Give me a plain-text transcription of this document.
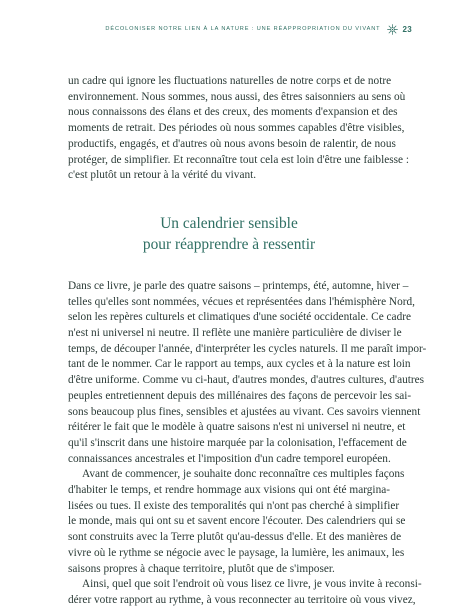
DÉCOLONISER NOTRE LIEN À LA NATURE : UNE RÉAPPROPRIATION DU VIVANT	23

un cadre qui ignore les fluctuations naturelles de notre corps et de notre
environnement. Nous sommes, nous aussi, des êtres saisonniers au sens où
nous connaissons des élans et des creux, des moments d'expansion et des
moments de retrait. Des périodes où nous sommes capables d'être visibles,
productifs, engagés, et d'autres où nous avons besoin de ralentir, de nous
protéger, de simplifier. Et reconnaître tout cela est loin d'être une faiblesse :
c'est plutôt un retour à la vérité du vivant.

Un calendrier sensible
pour réapprendre à ressentir

Dans ce livre, je parle des quatre saisons – printemps, été, automne, hiver –
telles qu'elles sont nommées, vécues et représentées dans l'hémisphère Nord,
selon les repères culturels et climatiques d'une société occidentale. Ce cadre
n'est ni universel ni neutre. Il reflète une manière particulière de diviser le
temps, de découper l'année, d'interpréter les cycles naturels. Il me paraît impor-
tant de le nommer. Car le rapport au temps, aux cycles et à la nature est loin
d'être uniforme. Comme vu ci-haut, d'autres mondes, d'autres cultures, d'autres
peuples entretiennent depuis des millénaires des façons de percevoir les sai-
sons beaucoup plus fines, sensibles et ajustées au vivant. Ces savoirs viennent
réitérer le fait que le modèle à quatre saisons n'est ni universel ni neutre, et
qu'il s'inscrit dans une histoire marquée par la colonisation, l'effacement de
connaissances ancestrales et l'imposition d'un cadre temporel européen.

Avant de commencer, je souhaite donc reconnaître ces multiples façons
d'habiter le temps, et rendre hommage aux visions qui ont été margina-
lisées ou tues. Il existe des temporalités qui n'ont pas cherché à simplifier
le monde, mais qui ont su et savent encore l'écouter. Des calendriers qui se
sont construits avec la Terre plutôt qu'au-dessus d'elle. Et des manières de
vivre où le rythme se négocie avec le paysage, la lumière, les animaux, les
saisons propres à chaque territoire, plutôt que de s'imposer.

Ainsi, quel que soit l'endroit où vous lisez ce livre, je vous invite à reconsi-
dérer votre rapport au rythme, à vous reconnecter au territoire où vous vivez,
